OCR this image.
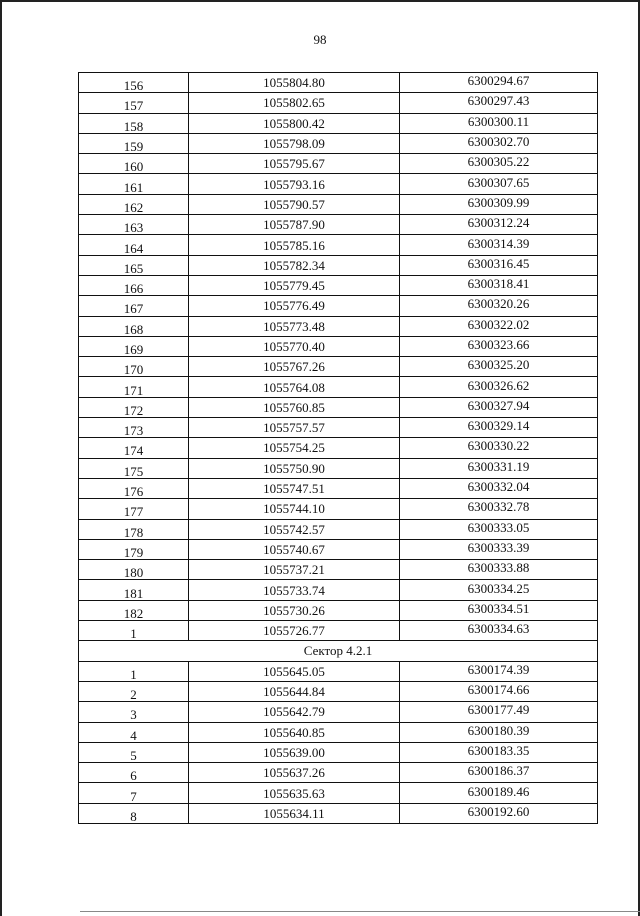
98
156	1055804.80	6300294.67
157	1055802.65	6300297.43
158	1055800.42	6300300.11
159	1055798.09	6300302.70
160	1055795.67	6300305.22
161	1055793.16	6300307.65
162	1055790.57	6300309.99
163	1055787.90	6300312.24
164	1055785.16	6300314.39
165	1055782.34	6300316.45
166	1055779.45	6300318.41
167	1055776.49	6300320.26
168	1055773.48	6300322.02
169	1055770.40	6300323.66
170	1055767.26	6300325.20
171	1055764.08	6300326.62
172	1055760.85	6300327.94
173	1055757.57	6300329.14
174	1055754.25	6300330.22
175	1055750.90	6300331.19
176	1055747.51	6300332.04
177	1055744.10	6300332.78
178	1055742.57	6300333.05
179	1055740.67	6300333.39
180	1055737.21	6300333.88
181	1055733.74	6300334.25
182	1055730.26	6300334.51
1	1055726.77	6300334.63
Сектор 4.2.1		
1	1055645.05	6300174.39
2	1055644.84	6300174.66
3	1055642.79	6300177.49
4	1055640.85	6300180.39
5	1055639.00	6300183.35
6	1055637.26	6300186.37
7	1055635.63	6300189.46
8	1055634.11	6300192.60
